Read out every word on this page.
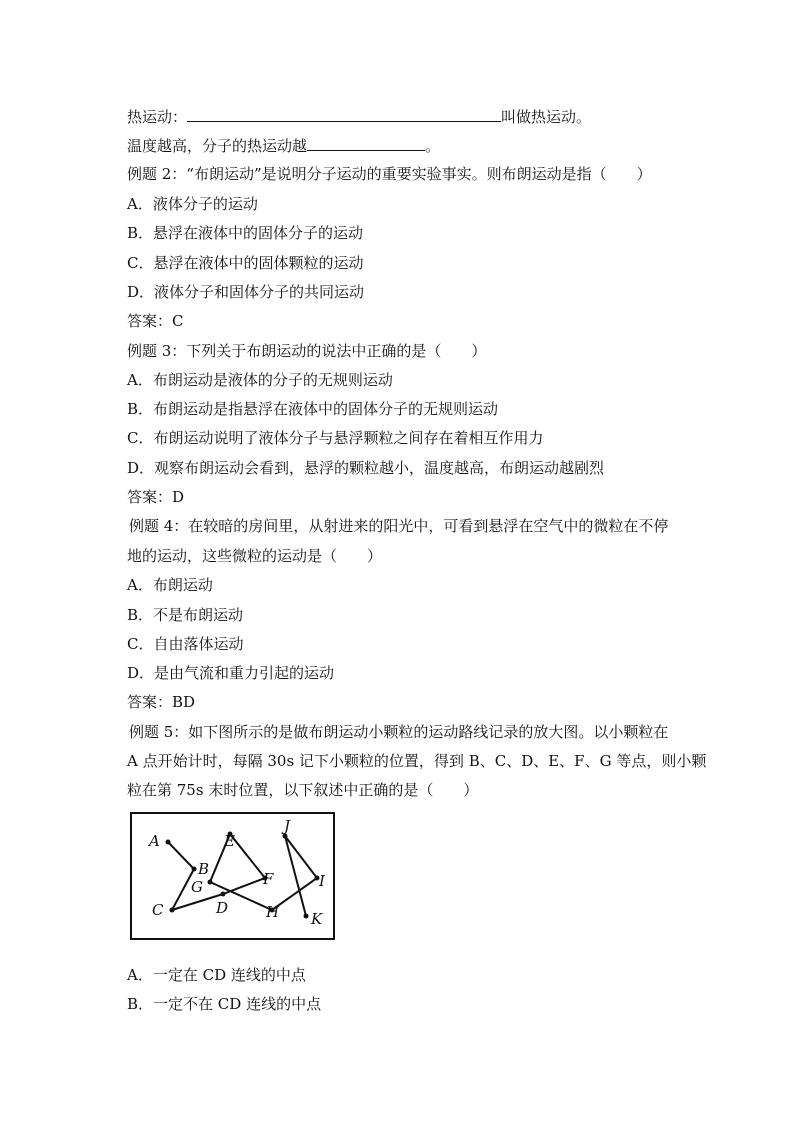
热运动：	叫做热运动。
温度越高，分子的热运动越	。
例题 2：“布朗运动”是说明分子运动的重要实验事实。则布朗运动是指（　　）
A．液体分子的运动
B．悬浮在液体中的固体分子的运动
C．悬浮在液体中的固体颗粒的运动
D．液体分子和固体分子的共同运动
答案：C
例题 3：下列关于布朗运动的说法中正确的是（　　）
A．布朗运动是液体的分子的无规则运动
B．布朗运动是指悬浮在液体中的固体分子的无规则运动
C．布朗运动说明了液体分子与悬浮颗粒之间存在着相互作用力
D．观察布朗运动会看到，悬浮的颗粒越小，温度越高，布朗运动越剧烈
答案：D
例题 4：在较暗的房间里，从射进来的阳光中，可看到悬浮在空气中的微粒在不停
地的运动，这些微粒的运动是（　　）
A．布朗运动
B．不是布朗运动
C．自由落体运动
D．是由气流和重力引起的运动
答案：BD
例题 5：如下图所示的是做布朗运动小颗粒的运动路线记录的放大图。以小颗粒在
A 点开始计时，每隔 30s 记下小颗粒的位置，得到 B、C、D、E、F、G 等点，则小颗
粒在第 75s 末时位置，以下叙述中正确的是（　　）
A
B
C	D
E
F
G
H
I
J
K
A．一定在 CD 连线的中点
B．一定不在 CD 连线的中点
